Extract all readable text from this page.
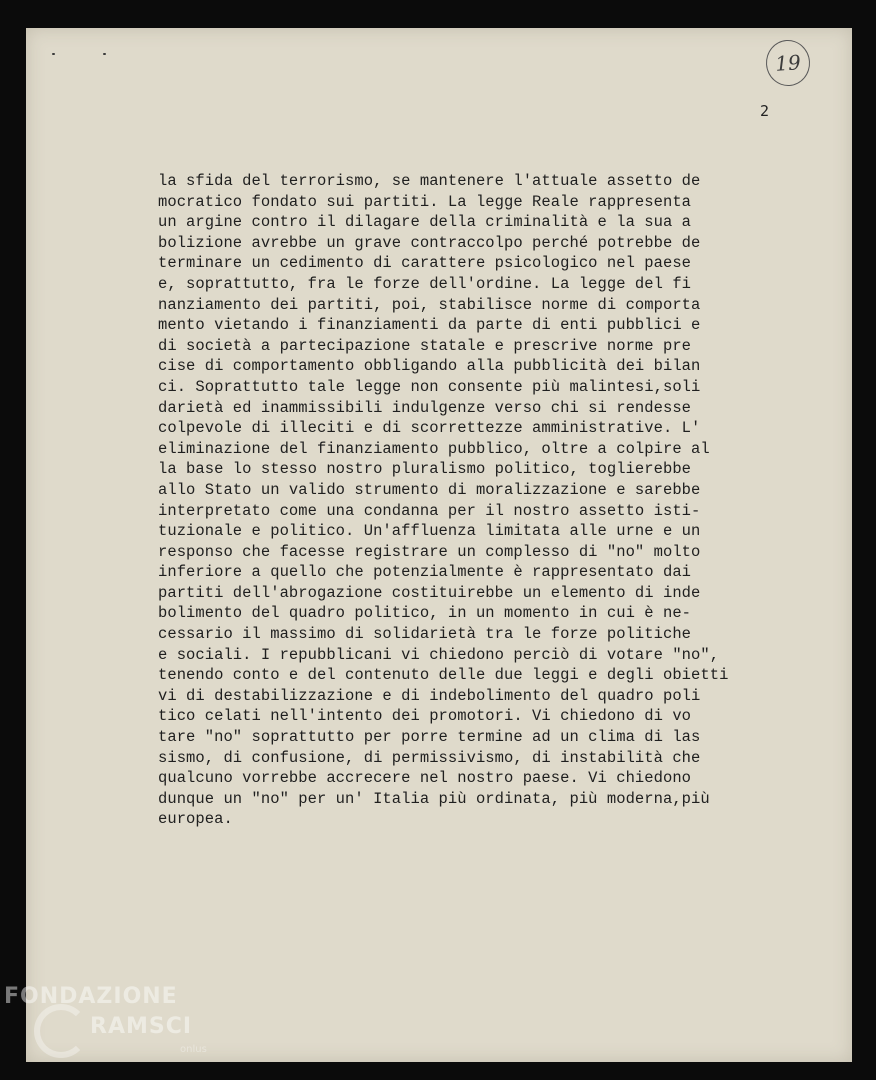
19
2
la sfida del terrorismo, se mantenere l'attuale assetto de
mocratico fondato sui partiti. La legge Reale rappresenta
un argine contro il dilagare della criminalità e la sua a
bolizione avrebbe un grave contraccolpo perché potrebbe de
terminare un cedimento di carattere psicologico nel paese
e, soprattutto, fra le forze dell'ordine. La legge del fi
nanziamento dei partiti, poi, stabilisce norme di comporta
mento vietando i finanziamenti da parte di enti pubblici e
di società a partecipazione statale e prescrive norme pre
cise di comportamento obbligando alla pubblicità dei bilan
ci. Soprattutto tale legge non consente più malintesi,soli
darietà ed inammissibili indulgenze verso chi si rendesse
colpevole di illeciti e di scorrettezze amministrative. L'
eliminazione del finanziamento pubblico, oltre a colpire al
la base lo stesso nostro pluralismo politico, toglierebbe
allo Stato un valido strumento di moralizzazione e sarebbe
interpretato come una condanna per il nostro assetto isti-
tuzionale e politico. Un'affluenza limitata alle urne e un
responso che facesse registrare un complesso di "no" molto
inferiore a quello che potenzialmente è rappresentato dai
partiti dell'abrogazione costituirebbe un elemento di inde
bolimento del quadro politico, in un momento in cui è ne-
cessario il massimo di solidarietà tra le forze politiche
e sociali. I repubblicani vi chiedono perciò di votare "no",
tenendo conto e del contenuto delle due leggi e degli obietti
vi di destabilizzazione e di indebolimento del quadro poli
tico celati nell'intento dei promotori. Vi chiedono di vo
tare "no" soprattutto per porre termine ad un clima di las
sismo, di confusione, di permissivismo, di instabilità che
qualcuno vorrebbe accrecere nel nostro paese. Vi chiedono
dunque un "no" per un' Italia più ordinata, più moderna,più
europea.
FONDAZIONE
RAMSCI
onlus
